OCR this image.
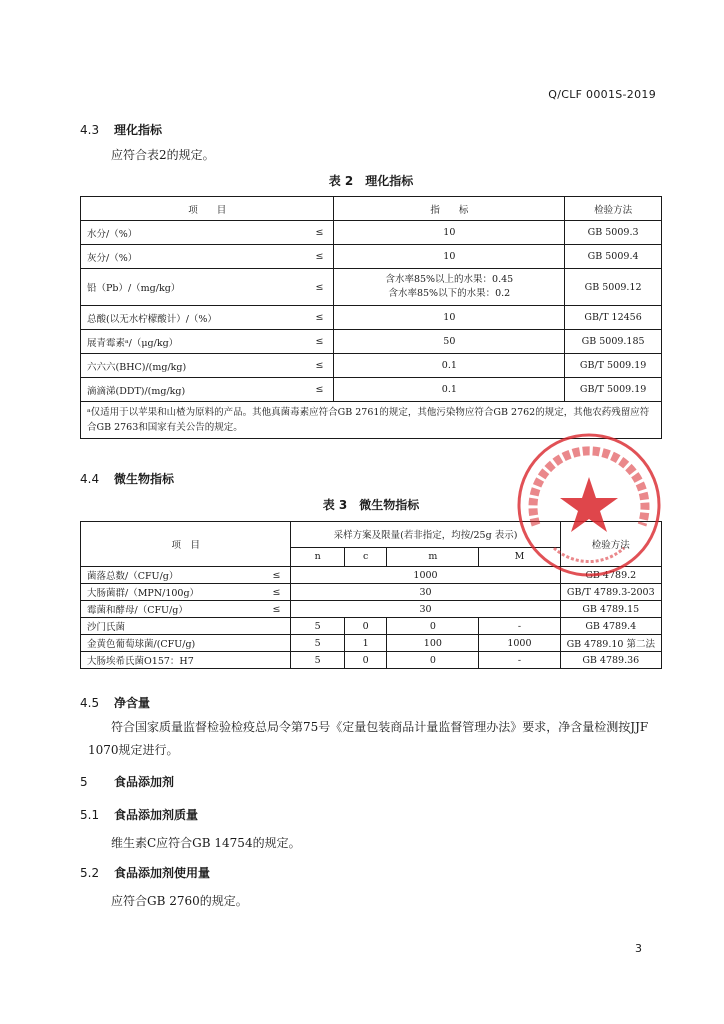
Q/CLF 0001S-2019
4.3 理化指标
应符合表2的规定。
表 2　理化指标
项　　目		指　　标	检验方法
水分/（%）	≤	10	GB 5009.3
灰分/（%）	≤	10	GB 5009.4
铅（Pb）/（mg/kg）	≤	含水率85%以上的水果：0.45
含水率85%以下的水果：0.2	GB 5009.12
总酸(以无水柠檬酸计）/（%）	≤	10	GB/T 12456
展青霉素ᵃ/（μg/kg）	≤	50	GB 5009.185
六六六(BHC)/(mg/kg)	≤	0.1	GB/T 5009.19
滴滴涕(DDT)/(mg/kg)	≤	0.1	GB/T 5009.19
ᵃ仅适用于以苹果和山楂为原料的产品。其他真菌毒素应符合GB 2761的规定，其他污染物应符合GB 2762的规定，其他农药残留应符合GB 2763和国家有关公告的规定。			
4.4 微生物指标
表 3　微生物指标
项　目		采样方案及限量(若非指定，均按/25g 表示)				检验方法
		n	c	m	M	
菌落总数/（CFU/g）	≤	1000				GB 4789.2
大肠菌群/（MPN/100g）	≤	30				GB/T 4789.3-2003
霉菌和酵母/（CFU/g）	≤	30				GB 4789.15
沙门氏菌		5	0	0	-	GB 4789.4
金黄色葡萄球菌/(CFU/g)		5	1	100	1000	GB 4789.10 第二法
大肠埃希氏菌O157：H7		5	0	0	-	GB 4789.36
4.5 净含量
符合国家质量监督检验检疫总局令第75号《定量包装商品计量监督管理办法》要求，净含量检测按JJF 1070规定进行。
5 食品添加剂
5.1 食品添加剂质量
维生素C应符合GB 14754的规定。
5.2 食品添加剂使用量
应符合GB 2760的规定。
3
